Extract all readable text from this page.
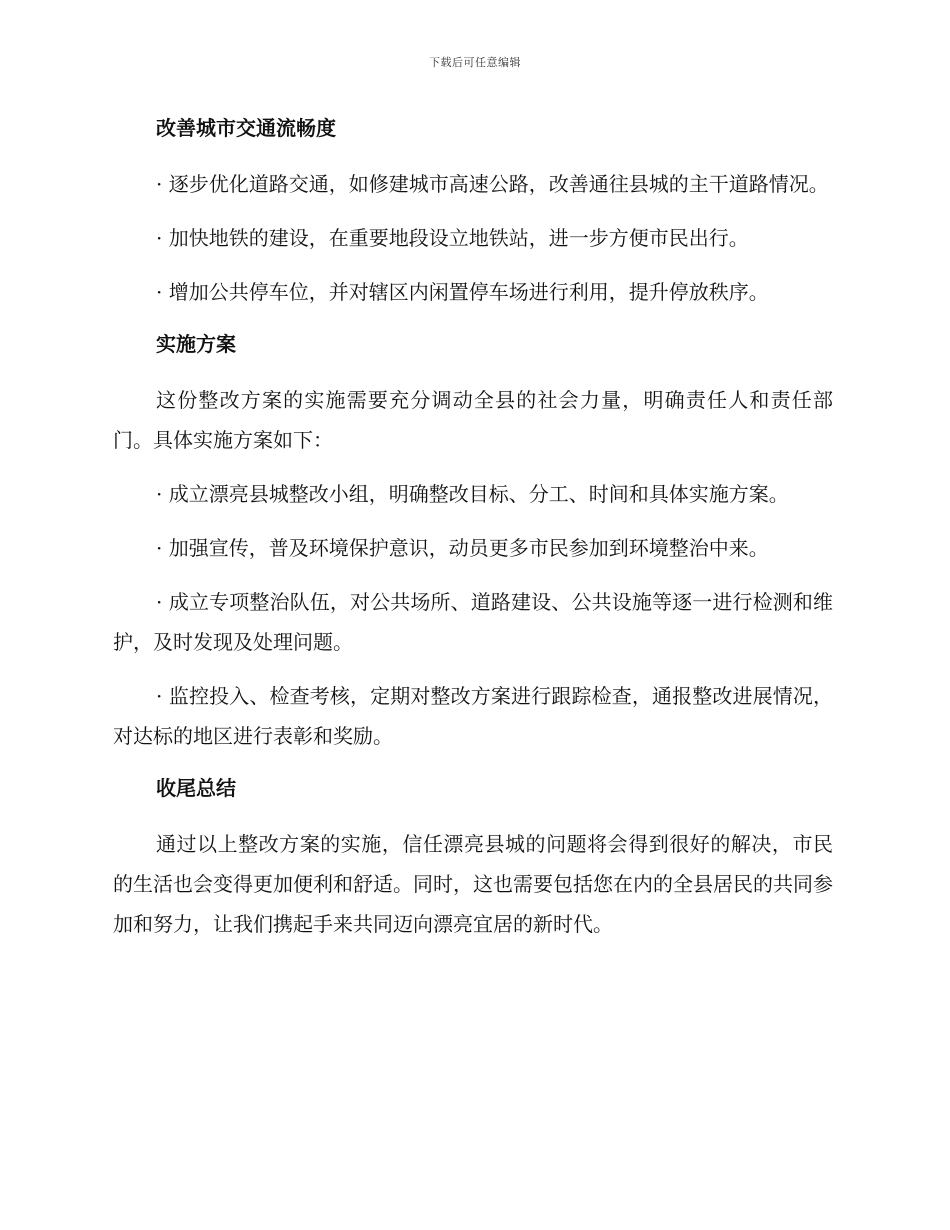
下载后可任意编辑
改善城市交通流畅度

· 逐步优化道路交通，如修建城市高速公路，改善通往县城的主干道路情况。

· 加快地铁的建设，在重要地段设立地铁站，进一步方便市民出行。

· 增加公共停车位，并对辖区内闲置停车场进行利用，提升停放秩序。

实施方案

这份整改方案的实施需要充分调动全县的社会力量，明确责任人和责任部门。具体实施方案如下：

· 成立漂亮县城整改小组，明确整改目标、分工、时间和具体实施方案。

· 加强宣传，普及环境保护意识，动员更多市民参加到环境整治中来。

· 成立专项整治队伍，对公共场所、道路建设、公共设施等逐一进行检测和维护，及时发现及处理问题。

· 监控投入、检查考核，定期对整改方案进行跟踪检查，通报整改进展情况，对达标的地区进行表彰和奖励。

收尾总结

通过以上整改方案的实施，信任漂亮县城的问题将会得到很好的解决，市民的生活也会变得更加便利和舒适。同时，这也需要包括您在内的全县居民的共同参加和努力，让我们携起手来共同迈向漂亮宜居的新时代。
